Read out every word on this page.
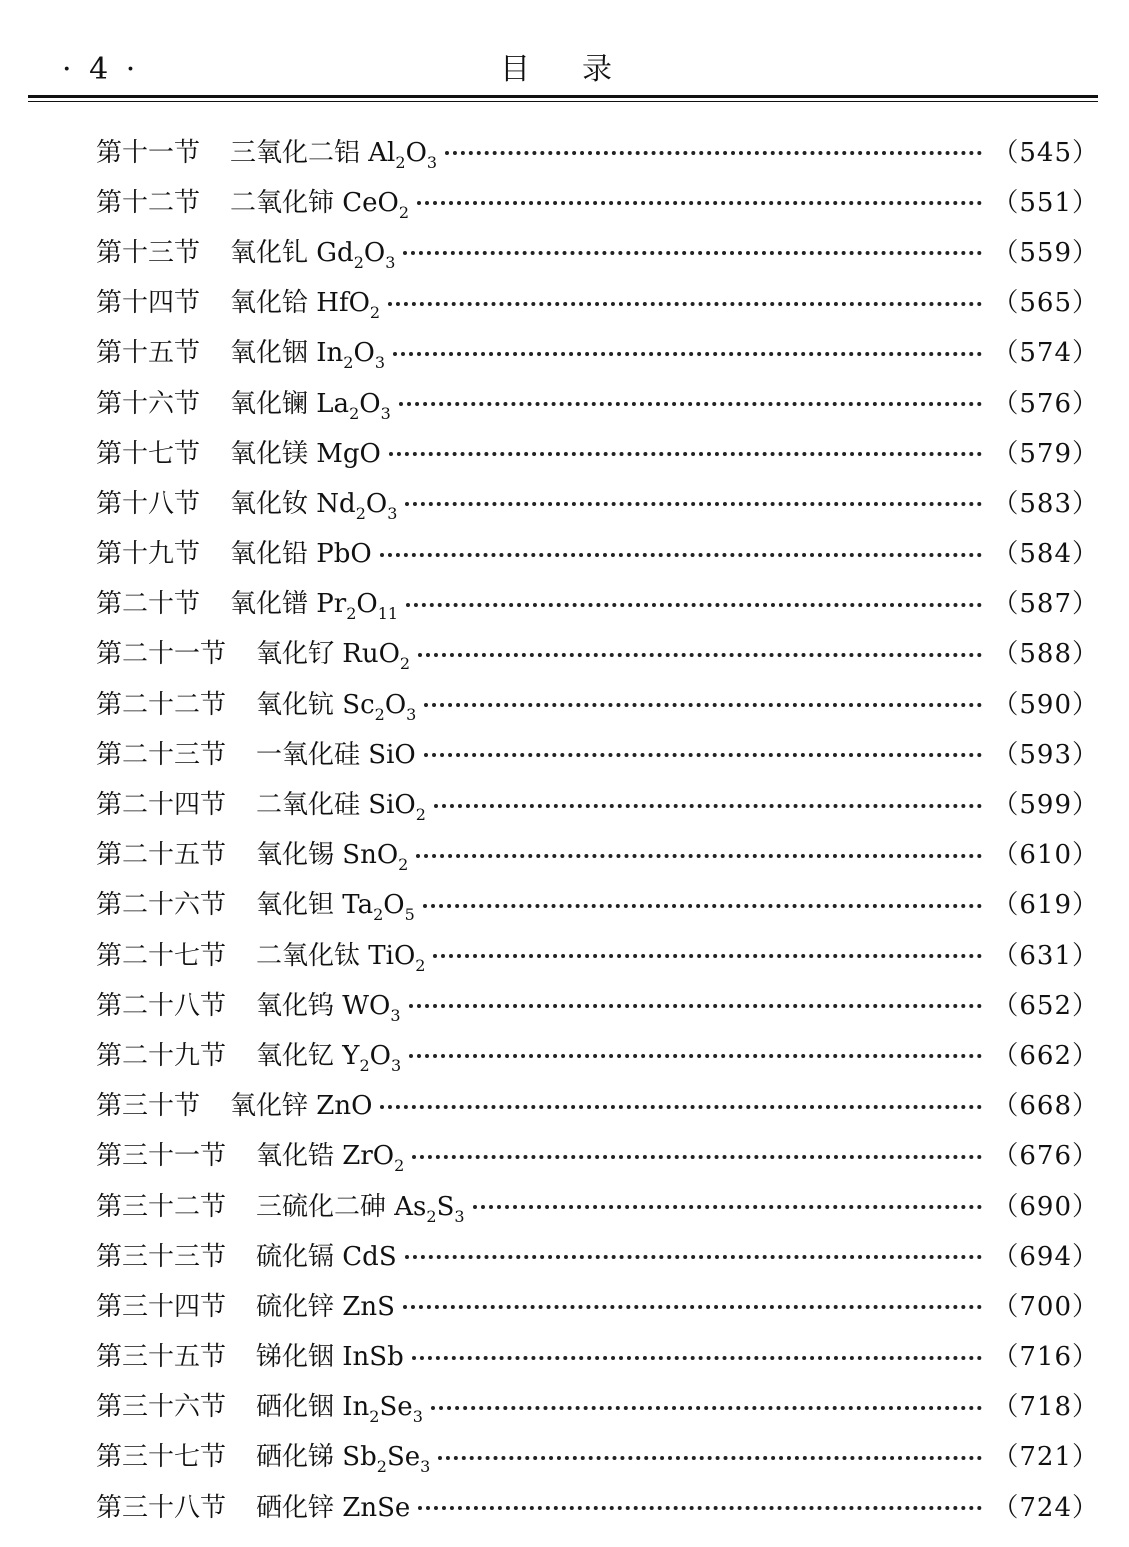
· 4 ·	目录
第十一节 三氧化二铝 $Al_2O_3$	（545）
第十二节 二氧化铈 CeO$_2$	（551）
第十三节 氧化钆 $Gd_2O_3$	（559）
第十四节 氧化铪 HfO$_2$	（565）
第十五节 氧化铟 $In_2O_3$	（574）
第十六节 氧化镧 $La_2O_3$	（576）
第十七节 氧化镁 MgO	（579）
第十八节 氧化钕 $Nd_2O_3$	（583）
第十九节 氧化铅 PbO	（584）
第二十节 氧化镨 $Pr_2O_{11}$	（587）
第二十一节 氧化钌 RuO$_2$	（588）
第二十二节 氧化钪 $Sc_2O_3$	（590）
第二十三节 一氧化硅 SiO	（593）
第二十四节 二氧化硅 SiO$_2$	（599）
第二十五节 氧化锡 SnO$_2$	（610）
第二十六节 氧化钽 $Ta_2O_5$	（619）
第二十七节 二氧化钛 TiO$_2$	（631）
第二十八节 氧化钨 $WO_3$	（652）
第二十九节 氧化钇 $Y_2O_3$	（662）
第三十节 氧化锌 ZnO	（668）
第三十一节 氧化锆 ZrO$_2$	（676）
第三十二节 三硫化二砷 $As_2S_3$	（690）
第三十三节 硫化镉 CdS	（694）
第三十四节 硫化锌 ZnS	（700）
第三十五节 锑化铟 InSb	（716）
第三十六节 硒化铟 $In_2Se_3$	（718）
第三十七节 硒化锑 $Sb_2Se_3$	（721）
第三十八节 硒化锌 ZnSe	（724）
